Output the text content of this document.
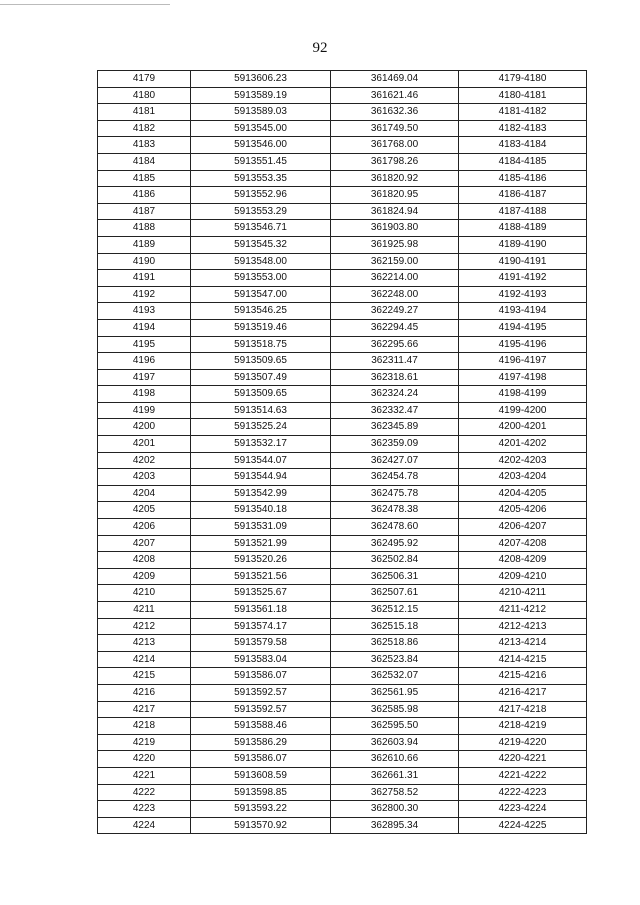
92
4179	5913606.23	361469.04	4179-4180
4180	5913589.19	361621.46	4180-4181
4181	5913589.03	361632.36	4181-4182
4182	5913545.00	361749.50	4182-4183
4183	5913546.00	361768.00	4183-4184
4184	5913551.45	361798.26	4184-4185
4185	5913553.35	361820.92	4185-4186
4186	5913552.96	361820.95	4186-4187
4187	5913553.29	361824.94	4187-4188
4188	5913546.71	361903.80	4188-4189
4189	5913545.32	361925.98	4189-4190
4190	5913548.00	362159.00	4190-4191
4191	5913553.00	362214.00	4191-4192
4192	5913547.00	362248.00	4192-4193
4193	5913546.25	362249.27	4193-4194
4194	5913519.46	362294.45	4194-4195
4195	5913518.75	362295.66	4195-4196
4196	5913509.65	362311.47	4196-4197
4197	5913507.49	362318.61	4197-4198
4198	5913509.65	362324.24	4198-4199
4199	5913514.63	362332.47	4199-4200
4200	5913525.24	362345.89	4200-4201
4201	5913532.17	362359.09	4201-4202
4202	5913544.07	362427.07	4202-4203
4203	5913544.94	362454.78	4203-4204
4204	5913542.99	362475.78	4204-4205
4205	5913540.18	362478.38	4205-4206
4206	5913531.09	362478.60	4206-4207
4207	5913521.99	362495.92	4207-4208
4208	5913520.26	362502.84	4208-4209
4209	5913521.56	362506.31	4209-4210
4210	5913525.67	362507.61	4210-4211
4211	5913561.18	362512.15	4211-4212
4212	5913574.17	362515.18	4212-4213
4213	5913579.58	362518.86	4213-4214
4214	5913583.04	362523.84	4214-4215
4215	5913586.07	362532.07	4215-4216
4216	5913592.57	362561.95	4216-4217
4217	5913592.57	362585.98	4217-4218
4218	5913588.46	362595.50	4218-4219
4219	5913586.29	362603.94	4219-4220
4220	5913586.07	362610.66	4220-4221
4221	5913608.59	362661.31	4221-4222
4222	5913598.85	362758.52	4222-4223
4223	5913593.22	362800.30	4223-4224
4224	5913570.92	362895.34	4224-4225
